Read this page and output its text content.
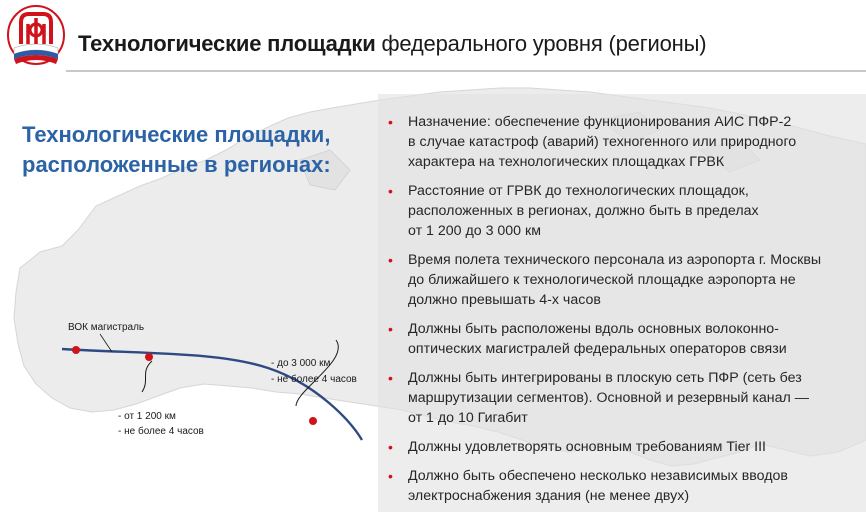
Технологические площадки федерального уровня (регионы)
Технологические площадки,
расположенные в регионах:
ВОК магистраль
- от 1 200 км
- не более 4 часов
- до 3 000 км
- не более 4 часов
• Назначение: обеспечение функционирования АИС ПФР-2
в случае катастроф (аварий) техногенного или природного
характера на технологических площадках ГРВК
• Расстояние от ГРВК до технологических площадок,
расположенных в регионах, должно быть в пределах
от 1 200 до 3 000 км
• Время полета технического персонала из аэропорта г. Москвы
до ближайшего к технологической площадке аэропорта не
должно превышать 4-х часов
• Должны быть расположены вдоль основных волоконно-
оптических магистралей федеральных операторов связи
• Должны быть интегрированы в плоскую сеть ПФР (сеть без
маршрутизации сегментов). Основной и резервный канал —
от 1 до 10 Гигабит
• Должны удовлетворять основным требованиям Tier III
• Должно быть обеспечено несколько независимых вводов
электроснабжения здания (не менее двух)
